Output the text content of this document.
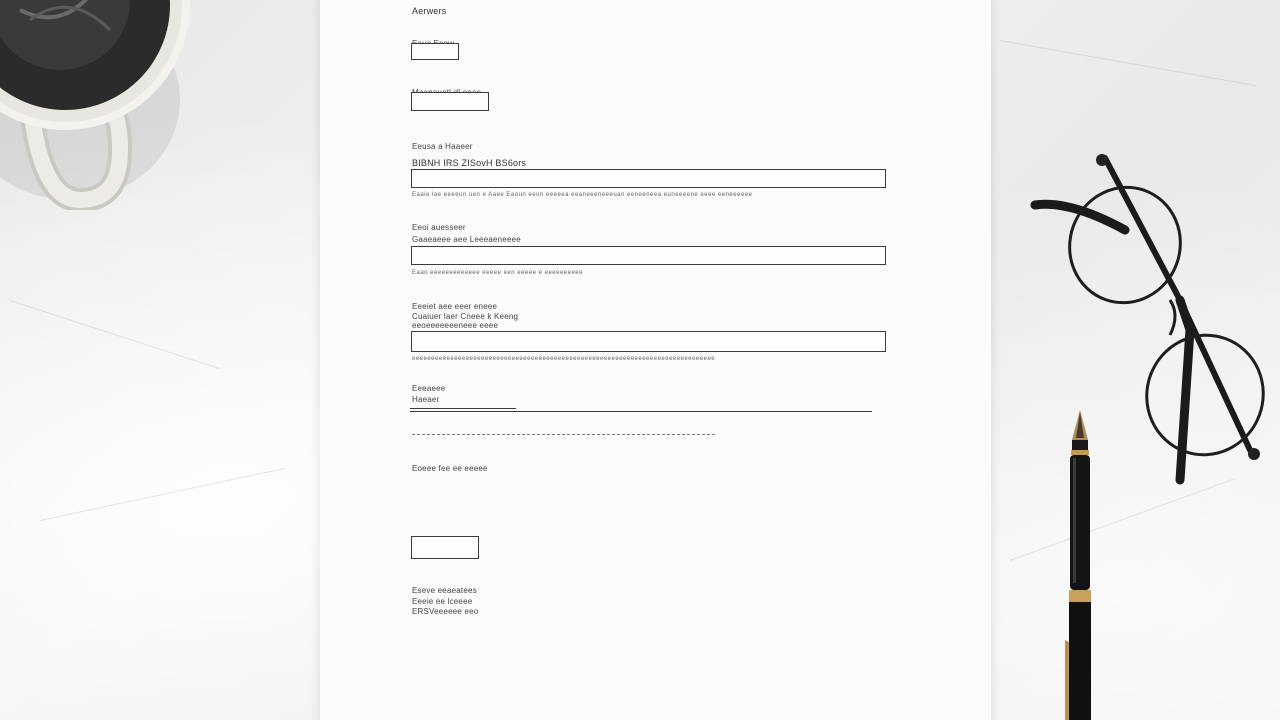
Aerwers
Eeusa a Haaeer
BIBNH IRS ZISovH BS6ors
Eaaie lae eeeeun uen e Aaee Eaoun eeun eeeeea eeaneeeneeeuan eeneeneea euneeeene eeee eeneeeeee
Eeoi auesseer
Gaaeaeee aee Leeeaeneeee
Eaao eeeeeeeeeeeee eeeee een eeeee e eeeeeeeeee
Eeeiet aee eeer eneee
Cuaiuer laer Cneee k Keeng
eeoeeeeeeeneee eeee
eeeeeeeeeeeeeeeeeeeeeeeeeeeeeeeeeeeeeeeeeeeeeeeeeeeeeeeeeeeeeeeeeeeeeeeeeeeeeee
Eeeaeee
Haeaer
Eoeee fee ee eeeee
Eseve eeaeatees
Eeeie ee lceeee
ERSVeeeeee eeo
